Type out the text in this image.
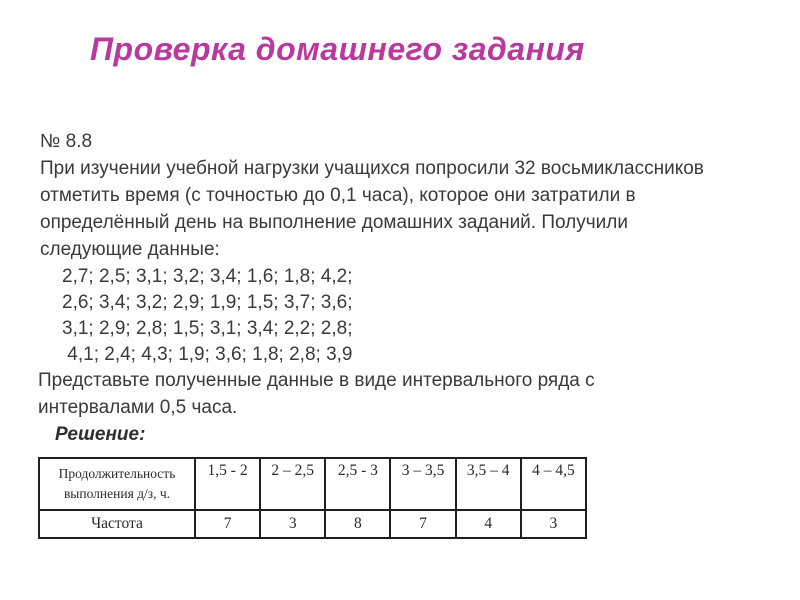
Проверка домашнего задания
№ 8.8
При изучении учебной нагрузки учащихся попросили 32 восьмиклассников
отметить время (с точностью до 0,1 часа), которое они затратили в
определённый день на выполнение домашних заданий. Получили
следующие данные:
2,7; 2,5; 3,1; 3,2; 3,4; 1,6; 1,8; 4,2;
2,6; 3,4; 3,2; 2,9; 1,9; 1,5; 3,7; 3,6;
3,1; 2,9; 2,8; 1,5; 3,1; 3,4; 2,2; 2,8;
4,1; 2,4; 4,3; 1,9; 3,6; 1,8; 2,8; 3,9
Представьте полученные данные в виде интервального ряда с
интервалами 0,5 часа.
Решение:
Продолжительность выполнения д/з, ч.	1,5 - 2	2 – 2,5	2,5 - 3	3 – 3,5	3,5 – 4	4 – 4,5
Частота	7	3	8	7	4	3
